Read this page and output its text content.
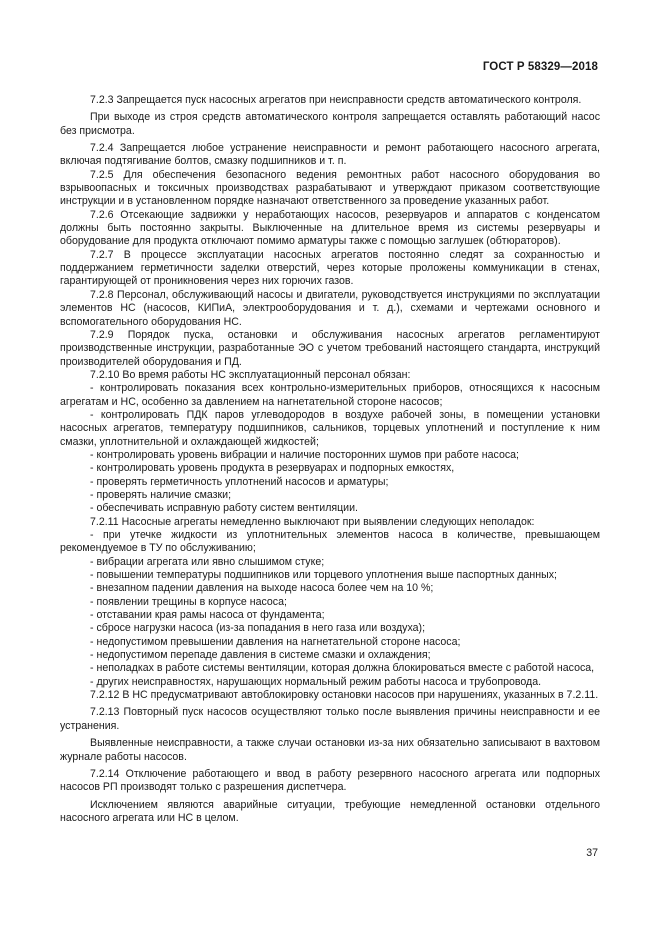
ГОСТ Р 58329—2018

7.2.3 Запрещается пуск насосных агрегатов при неисправности средств автоматического контроля.

При выходе из строя средств автоматического контроля запрещается оставлять работающий насос без присмотра.

7.2.4 Запрещается любое устранение неисправности и ремонт работающего насосного агрегата, включая подтягивание болтов, смазку подшипников и т. п.

7.2.5 Для обеспечения безопасного ведения ремонтных работ насосного оборудования во взрывоопасных и токсичных производствах разрабатывают и утверждают приказом соответствующие инструкции и в установленном порядке назначают ответственного за проведение указанных работ.

7.2.6 Отсекающие задвижки у неработающих насосов, резервуаров и аппаратов с конденсатом должны быть постоянно закрыты. Выключенные на длительное время из системы резервуары и оборудование для продукта отключают помимо арматуры также с помощью заглушек (обтюраторов).

7.2.7 В процессе эксплуатации насосных агрегатов постоянно следят за сохранностью и поддержанием герметичности заделки отверстий, через которые проложены коммуникации в стенах, гарантирующей от проникновения через них горючих газов.

7.2.8 Персонал, обслуживающий насосы и двигатели, руководствуется инструкциями по эксплуатации элементов НС (насосов, КИПиА, электрооборудования и т. д.), схемами и чертежами основного и вспомогательного оборудования НС.

7.2.9 Порядок пуска, остановки и обслуживания насосных агрегатов регламентируют производственные инструкции, разработанные ЭО с учетом требований настоящего стандарта, инструкций производителей оборудования и ПД.

7.2.10 Во время работы НС эксплуатационный персонал обязан:

- контролировать показания всех контрольно-измерительных приборов, относящихся к насосным агрегатам и НС, особенно за давлением на нагнетательной стороне насосов;

- контролировать ПДК паров углеводородов в воздухе рабочей зоны, в помещении установки насосных агрегатов, температуру подшипников, сальников, торцевых уплотнений и поступление к ним смазки, уплотнительной и охлаждающей жидкостей;

- контролировать уровень вибрации и наличие посторонних шумов при работе насоса;

- контролировать уровень продукта в резервуарах и подпорных емкостях,

- проверять герметичность уплотнений насосов и арматуры;

- проверять наличие смазки;

- обеспечивать исправную работу систем вентиляции.

7.2.11 Насосные агрегаты немедленно выключают при выявлении следующих неполадок:

- при утечке жидкости из уплотнительных элементов насоса в количестве, превышающем рекомендуемое в ТУ по обслуживанию;

- вибрации агрегата или явно слышимом стуке;

- повышении температуры подшипников или торцевого уплотнения выше паспортных данных;

- внезапном падении давления на выходе насоса более чем на 10 %;

- появлении трещины в корпусе насоса;

- отставании края рамы насоса от фундамента;

- сбросе нагрузки насоса (из-за попадания в него газа или воздуха);

- недопустимом превышении давления на нагнетательной стороне насоса;

- недопустимом перепаде давления в системе смазки и охлаждения;

- неполадках в работе системы вентиляции, которая должна блокироваться вместе с работой насоса,

- других неисправностях, нарушающих нормальный режим работы насоса и трубопровода.

7.2.12 В НС предусматривают автоблокировку остановки насосов при нарушениях, указанных в 7.2.11.

7.2.13 Повторный пуск насосов осуществляют только после выявления причины неисправности и ее устранения.

Выявленные неисправности, а также случаи остановки из-за них обязательно записывают в вахтовом журнале работы насосов.

7.2.14 Отключение работающего и ввод в работу резервного насосного агрегата или подпорных насосов РП производят только с разрешения диспетчера.

Исключением являются аварийные ситуации, требующие немедленной остановки отдельного насосного агрегата или НС в целом.

37
